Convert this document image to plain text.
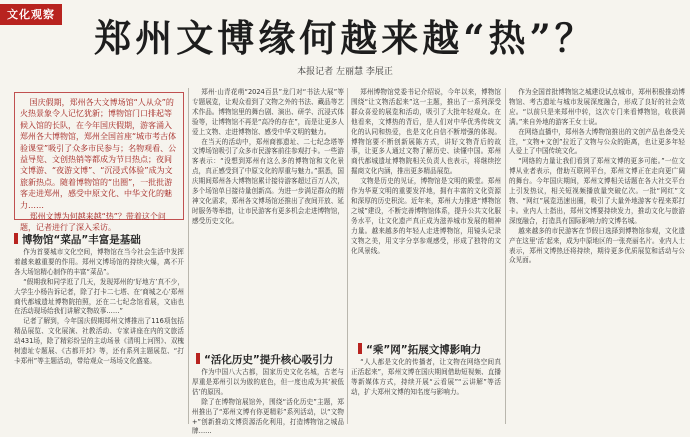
文化观察
郑州文博缘何越来越“热”？
本报记者 左丽慧 李展正

国庆假期，郑州各大文博场馆“人从众”的火热景象令人记忆犹新；博物馆门口排起等候入馆的长队，在今年国庆假期，游客涌入郑州各大博物馆，郑州全国首座“城市考古体验课堂”吸引了众多市民参与；名物观看、公益导览、文创热销等都成为节日热点；夜间文博游、“夜游文博”、“沉浸式体验”成为文旅新热点。随着博物馆的“出圈”，一批批游客走进郑州，感受中原文化、中华文化的魅力……

郑州文博为何越来越“热”？带着这个问题，记者进行了深入采访。

博物馆“菜品”丰富是基础

作为首要城市文化空间，博物馆在当今社会生活中发挥着越来越重要的作用。郑州文博场馆的持续火爆，离不开各大场馆精心制作的丰富“菜品”。

“假期我和同学逛了几天，发现郑州的‘好地方’真不少，大学生小杨告诉记者，除了打卡二七塔、在‘商城之心’郑州商代都城遗址博物院拍照，还在二七纪念馆看展，文庙也在活动现场给我们讲解文物故事……”

记者了解到，今年国庆假期郑州文博推出了116项包括精品展览、文化展演、社教活动、专家讲座在内的文旅活动431场，除了精彩纷呈的主动场景《清明上河图》、双槐树遗址专题展、《古都开封》等，还有系列主题展览、“打卡郑州”等主题活动，带给观众一场场文化盛宴。

郑州·山青花萌“2024百县”龙门对“书法大展”等专题展览，让观众看到了文物之外的书法、藏品等艺术作品。博物馆里的舞台剧、演出、研学、沉浸式体验等，让博物馆不再是“高冷的存在”，而是让更多人爱上文物、走进博物馆、感受中华文明的魅力。

在当天的活动中，郑州商都遗址、二七纪念塔等文博场馆吸引了众多市民游客前往参观打卡。一些游客表示：“没想到郑州有这么多的博物馆和文化景点，真正感受到了中原文化的厚重与魅力。”据悉，国庆期间郑州各大博物馆累计接待游客超过百万人次，多个场馆单日接待量创新高。为进一步满足群众的精神文化需求，郑州各文博场馆还推出了夜间开放、延时服务等举措，让市民游客有更多机会走进博物馆，感受历史文化。

“活化历史”提升核心吸引力

作为中国八大古都，国家历史文化名城，古老与厚重是郑州引以为傲的底色，但一度也成为其‘被低估’的原因。

除了在博物馆展馆外，围绕“活化历史”主题，郑州推出了“郑州文博有你更精彩”系列活动，以“文物+”创新推动文博资源活化利用，打造博物馆之城品牌……

郑州博物馆党委书记介绍说，今年以来，博物馆围绕“让文物活起来”这一主题，推出了一系列深受群众喜爱的展览和活动，吸引了大批年轻观众。在他看来，文博热的背后，是人们对中华优秀传统文化的认同和热爱，也是文化自信不断增强的体现。博物馆要不断创新展陈方式，讲好文物背后的故事，让更多人通过文物了解历史、读懂中国。郑州商代都城遗址博物院相关负责人也表示，将继续挖掘商文化内涵，推出更多精品展览。

文物是历史的见证，博物馆是文明的殿堂。郑州作为华夏文明的重要发祥地，拥有丰富的文化资源和深厚的历史积淀。近年来，郑州大力推进“博物馆之城”建设，不断完善博物馆体系，提升公共文化服务水平，让文化遗产真正成为滋养城市发展的精神力量。越来越多的年轻人走进博物馆，用镜头记录文物之美，用文字分享参观感受，形成了独特的文化风景线。

“乘”网”拓展文博影响力

“人人都是文化的传播者，让文物在网络空间真正活起来”，郑州文博在国庆期间借助短视频、直播等新媒体方式，持续开展“云看展”“云讲解”等活动，扩大郑州文博的知名度与影响力。

作为全国首批博物馆之城建设试点城市，郑州积极推动博物馆、考古遗址与城市发展深度融合，形成了良好的社会效应。“以前只是来郑州中转，这次专门来看博物馆，收获满满。”来自外地的游客王女士说。

在网络直播中，郑州各大博物馆推出的文创产品也备受关注，“文物+文创”拉近了文物与公众的距离，也让更多年轻人爱上了中国传统文化。

“网络的力量让我们看到了郑州文博的更多可能。”一位文博从业者表示，借助互联网平台，郑州文博正在走向更广阔的舞台。今年国庆期间，郑州文博相关话题在各大社交平台上引发热议，相关短视频播放量突破亿次。一批“网红”文物、“网红”展览迅速出圈，吸引了大量外地游客专程来郑打卡。业内人士指出，郑州文博要持续发力，推动文化与旅游深度融合，打造具有国际影响力的文博名城。

越来越多的市民游客在节假日选择到博物馆参观，文化遗产在这里‘活’起来，成为中原地区的一张亮丽名片。业内人士表示，郑州文博热还将持续，期待更多优质展览和活动与公众见面。
